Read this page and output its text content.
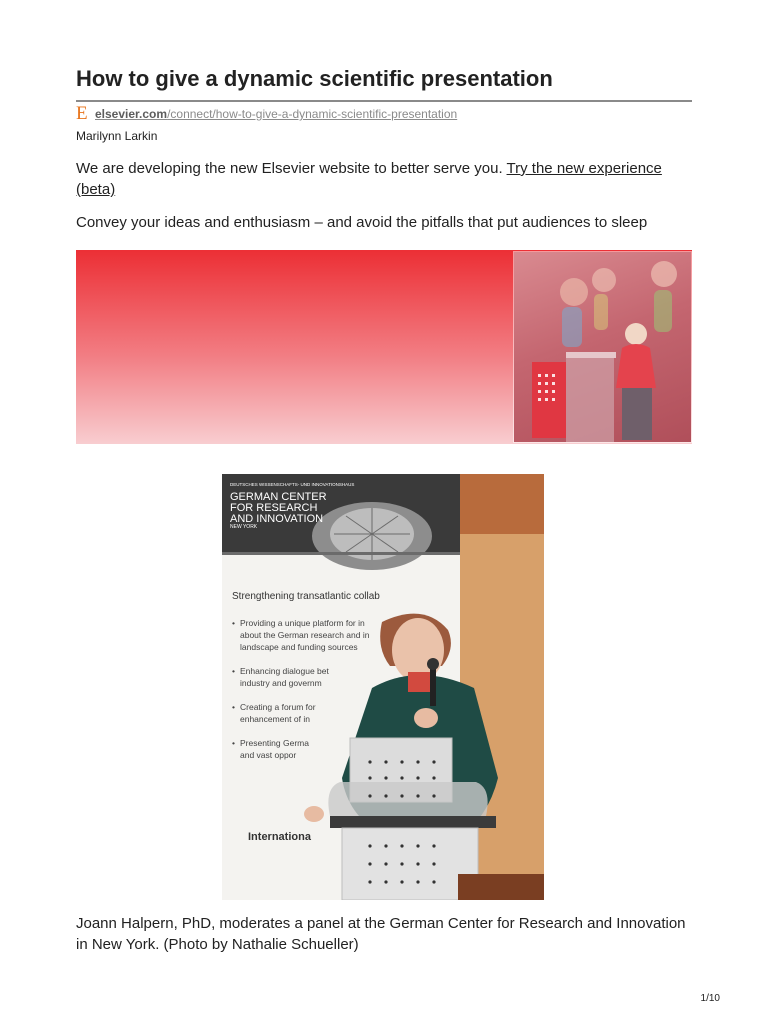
How to give a dynamic scientific presentation
E elsevier.com/connect/how-to-give-a-dynamic-scientific-presentation
Marilynn Larkin

We are developing the new Elsevier website to better serve you. Try the new experience (beta)

Convey your ideas and enthusiasm – and avoid the pitfalls that put audiences to sleep
DEUTSCHES WISSENSCHAFTS- UND INNOVATIONSHAUS
GERMAN CENTER FOR RESEARCH AND INNOVATION
NEW YORK
Strengthening transatlantic collab
• Providing a unique platform for in
about the German research and in
landscape and funding sources
• Enhancing dialogue bet
industry and governm
• Creating a forum for
enhancement of in
• Presenting Germa
and vast oppor
Internationa

Joann Halpern, PhD, moderates a panel at the German Center for Research and Innovation in New York. (Photo by Nathalie Schueller)

1/10
